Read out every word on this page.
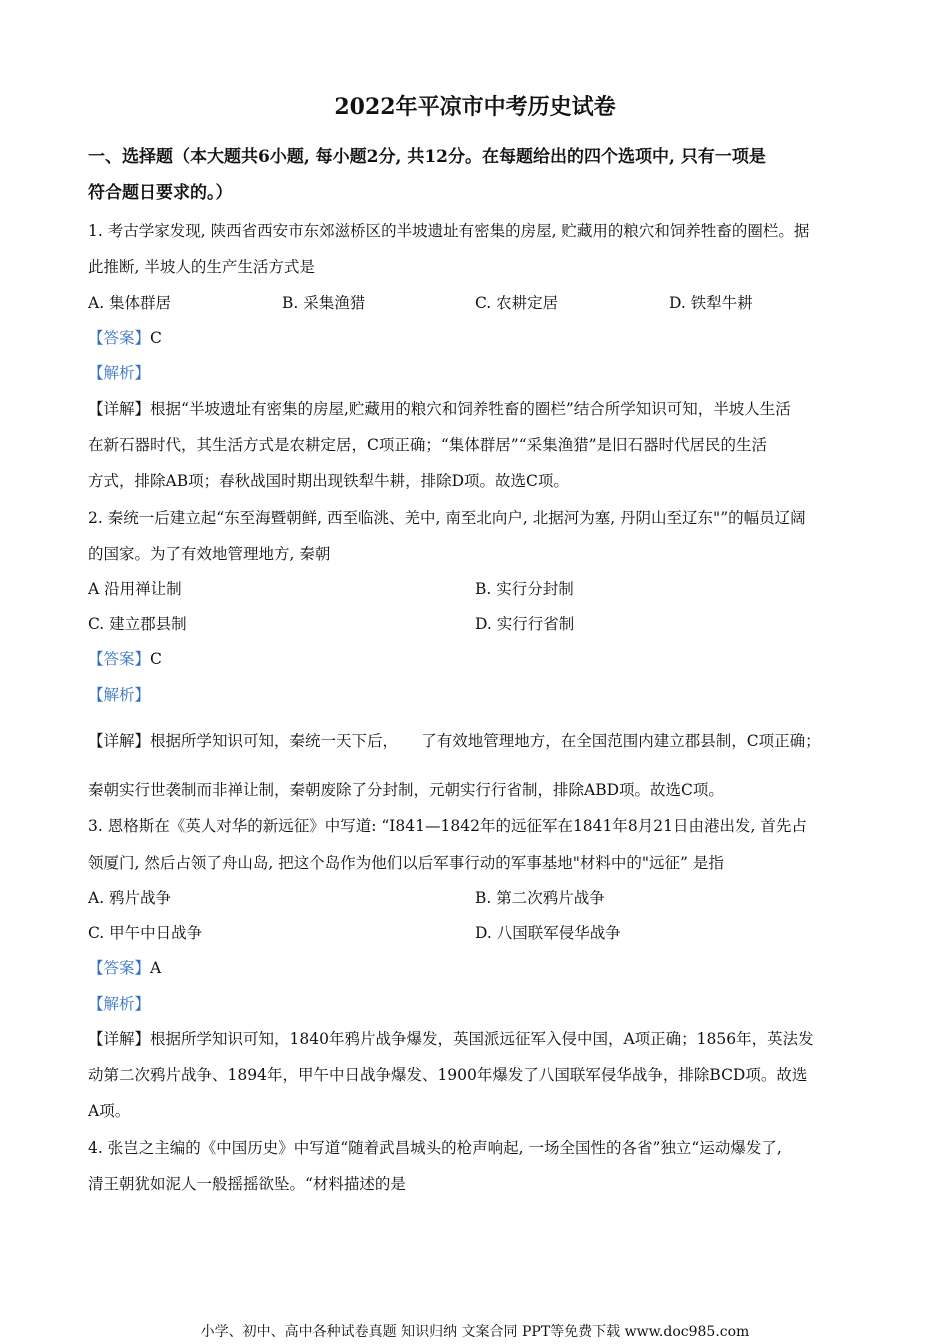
2022年平凉市中考历史试卷
一、选择题（本大题共6小题, 每小题2分, 共12分。在每题给出的四个选项中, 只有一项是
符合题日要求的。）
1. 考古学家发现, 陕西省西安市东郊滋桥区的半坡遗址有密集的房屋, 贮藏用的粮穴和饲养牲畜的圈栏。据
此推断, 半坡人的生产生活方式是
A. 集体群居	B. 采集渔猎	C. 农耕定居	D. 铁犁牛耕
【答案】C
【解析】
【详解】根据“半坡遗址有密集的房屋,贮藏用的粮穴和饲养牲畜的圈栏”结合所学知识可知，半坡人生活
在新石器时代，其生活方式是农耕定居，C项正确；“集体群居”“采集渔猎”是旧石器时代居民的生活
方式，排除AB项；春秋战国时期出现铁犁牛耕，排除D项。故选C项。
2. 秦统一后建立起“东至海暨朝鲜, 西至临洮、羌中, 南至北向户, 北据河为塞, 丹阴山至辽东"”的幅员辽阔
的国家。为了有效地管理地方, 秦朝
A 沿用禅让制	B. 实行分封制
C. 建立郡县制	D. 实行行省制
【答案】C
【解析】
【详解】根据所学知识可知，秦统一天下后，　　了有效地管理地方，在全国范围内建立郡县制，C项正确；
秦朝实行世袭制而非禅让制，秦朝废除了分封制，元朝实行行省制，排除ABD项。故选C项。
3. 恩格斯在《英人对华的新远征》中写道: “I841—1842年的远征军在1841年8月21日由港出发, 首先占
领厦门, 然后占领了舟山岛, 把这个岛作为他们以后军事行动的军事基地"材料中的"远征” 是指
A. 鸦片战争	B. 第二次鸦片战争
C. 甲午中日战争	D. 八国联军侵华战争
【答案】A
【解析】
【详解】根据所学知识可知，1840年鸦片战争爆发，英国派远征军入侵中国，A项正确；1856年，英法发
动第二次鸦片战争、1894年，甲午中日战争爆发、1900年爆发了八国联军侵华战争，排除BCD项。故选
A项。
4. 张岂之主编的《中国历史》中写道“随着武昌城头的枪声响起, 一场全国性的各省”独立“运动爆发了,
清王朝犹如泥人一般摇摇欲坠。“材料描述的是
小学、初中、高中各种试卷真题 知识归纳 文案合同 PPT等免费下载 www.doc985.com
